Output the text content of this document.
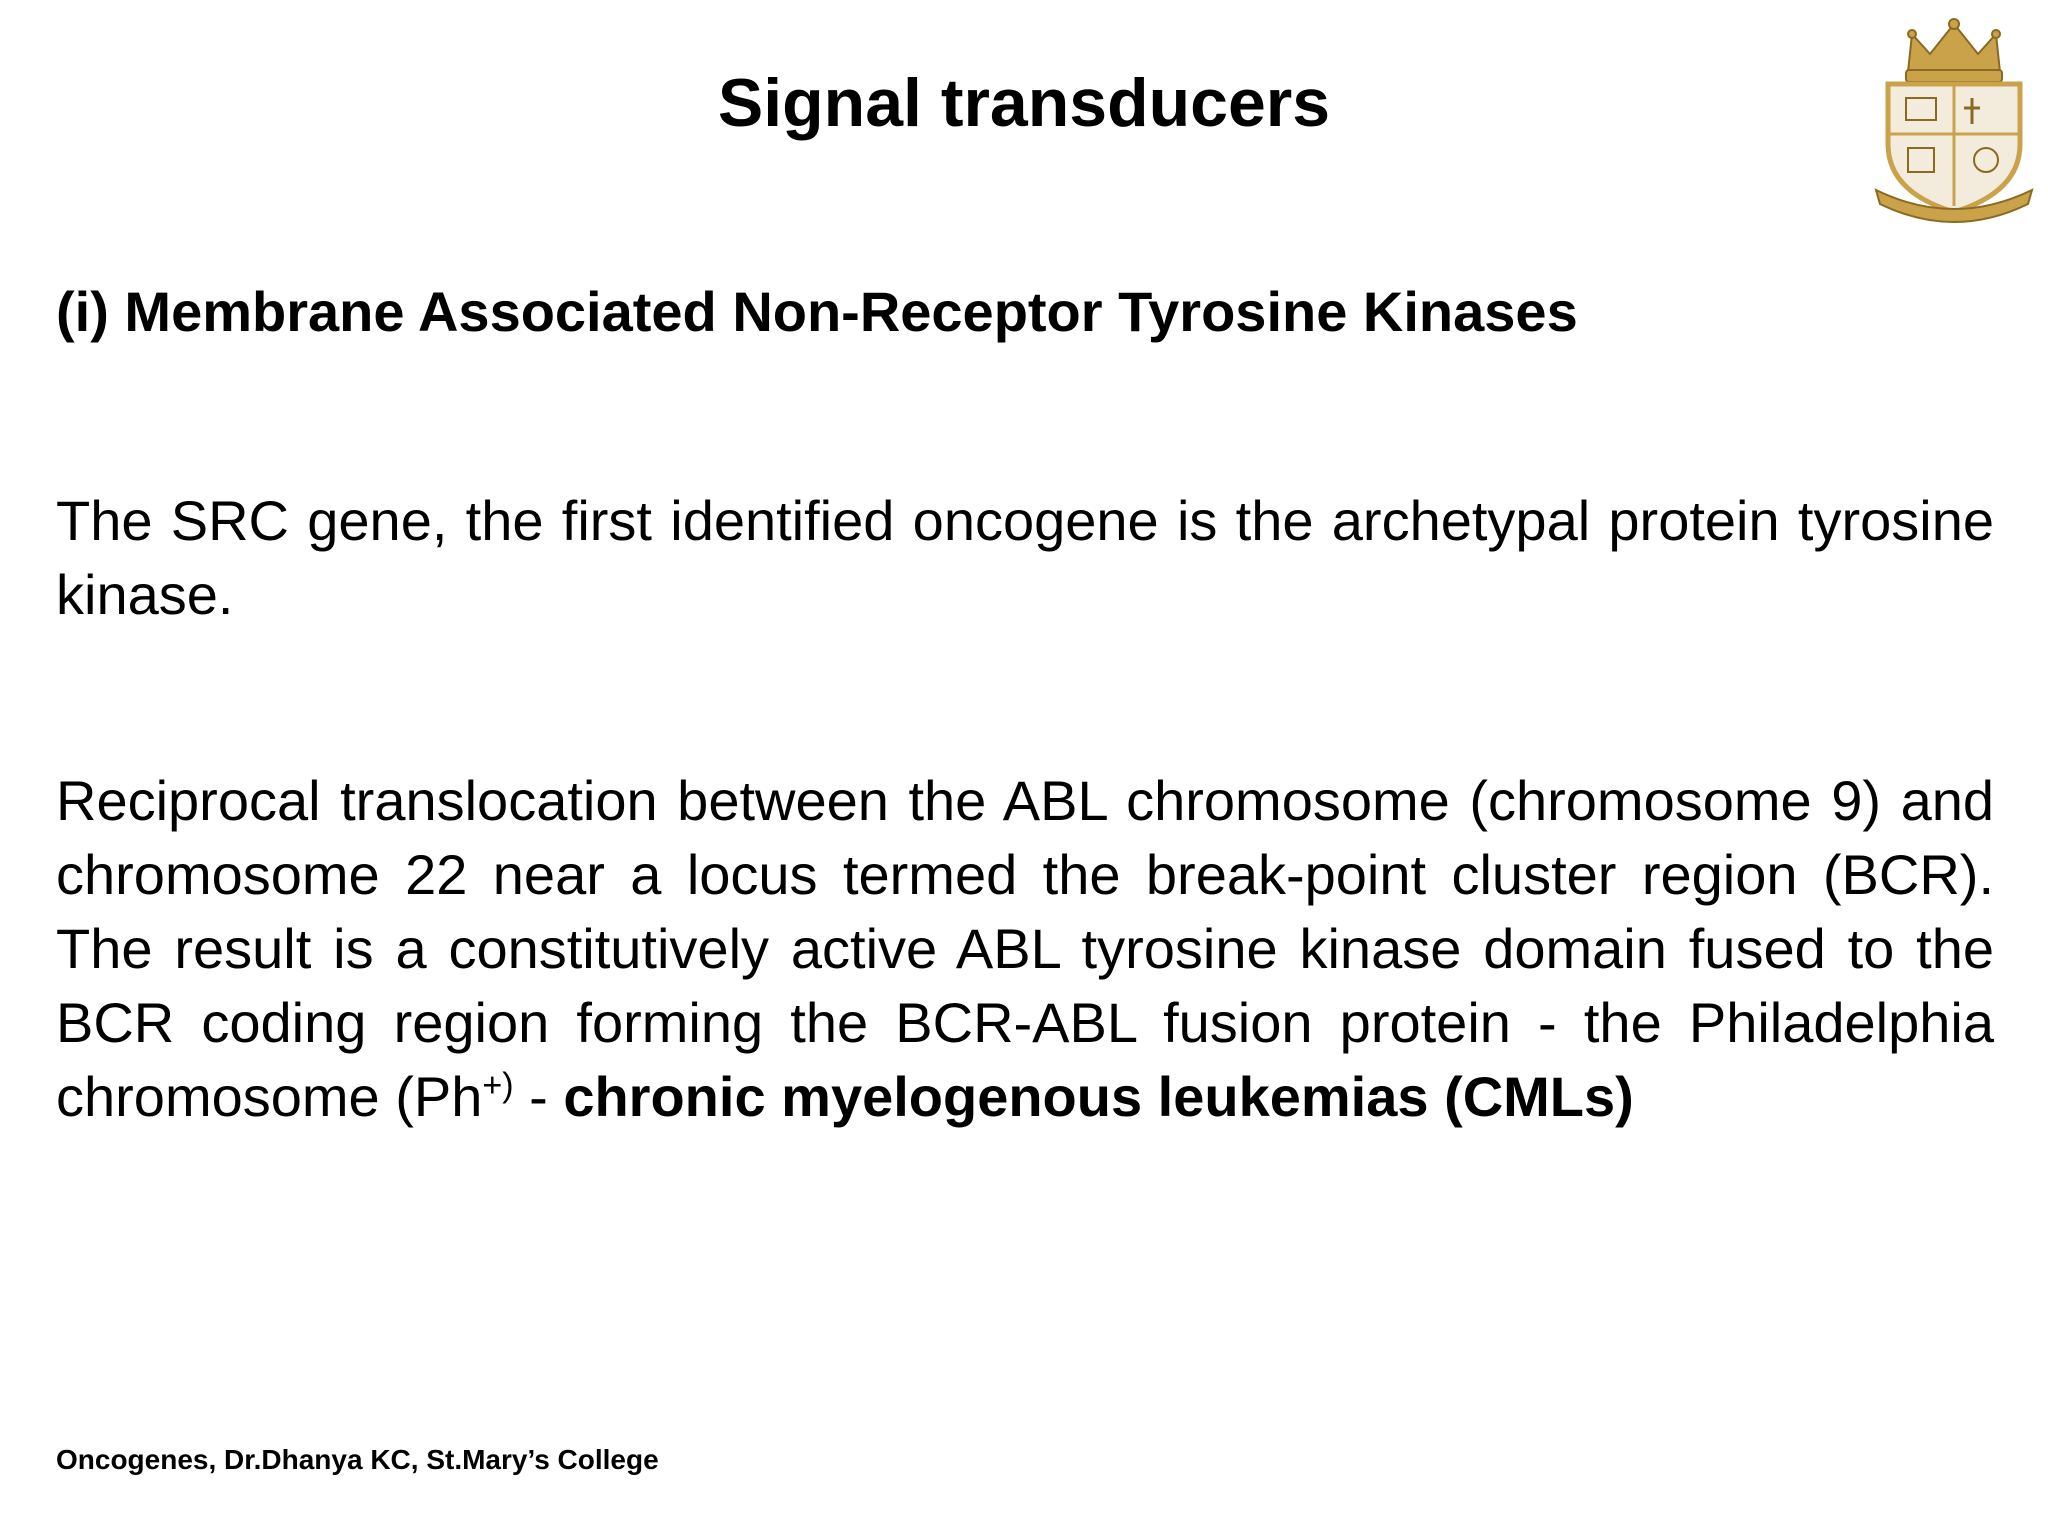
Signal transducers
(i) Membrane Associated Non-Receptor Tyrosine Kinases

The SRC gene, the first identified oncogene is the archetypal protein tyrosine kinase.

Reciprocal translocation between the ABL chromosome (chromosome 9) and chromosome 22 near a locus termed the break-point cluster region (BCR). The result is a constitutively active ABL tyrosine kinase domain fused to the BCR coding region forming the BCR-ABL fusion protein - the Philadelphia chromosome (Ph+) - chronic myelogenous leukemias (CMLs)

Oncogenes, Dr.Dhanya KC, St.Mary’s College
